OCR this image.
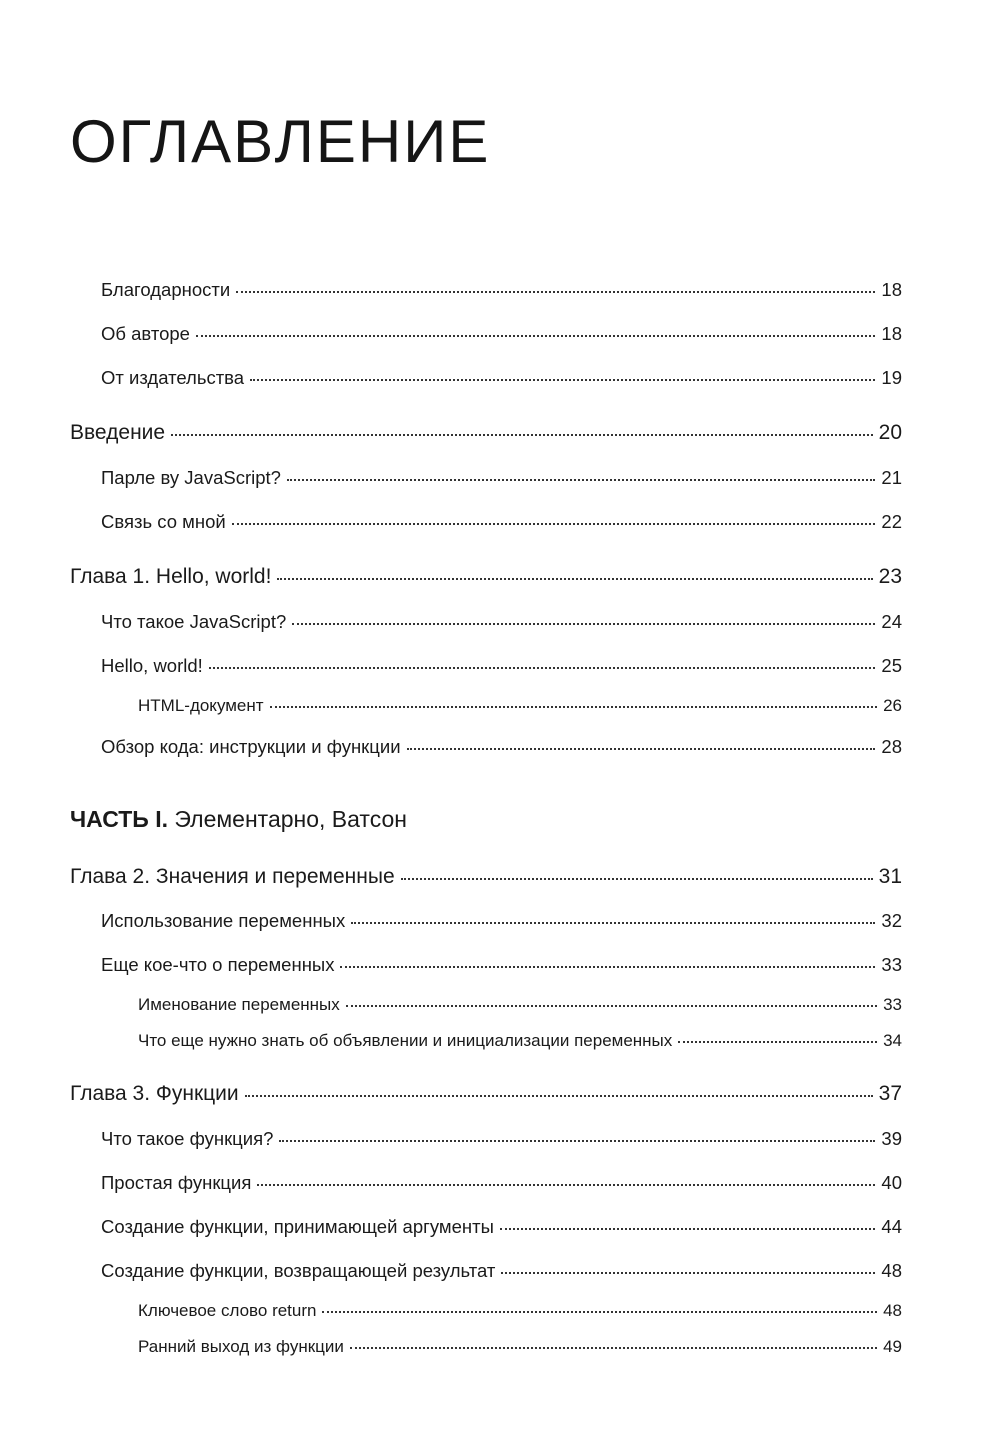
ОГЛАВЛЕНИЕ
Благодарности	18
Об авторе	18
От издательства	19
Введение	20
Парле ву JavaScript?	21
Связь со мной	22
Глава 1. Hello, world!	23
Что такое JavaScript?	24
Hello, world!	25
HTML-документ	26
Обзор кода: инструкции и функции	28
ЧАСТЬ I. Элементарно, Ватсон
Глава 2. Значения и переменные	31
Использование переменных	32
Еще кое-что о переменных	33
Именование переменных	33
Что еще нужно знать об объявлении и инициализации переменных	34
Глава 3. Функции	37
Что такое функция?	39
Простая функция	40
Создание функции, принимающей аргументы	44
Создание функции, возвращающей результат	48
Ключевое слово return	48
Ранний выход из функции	49
